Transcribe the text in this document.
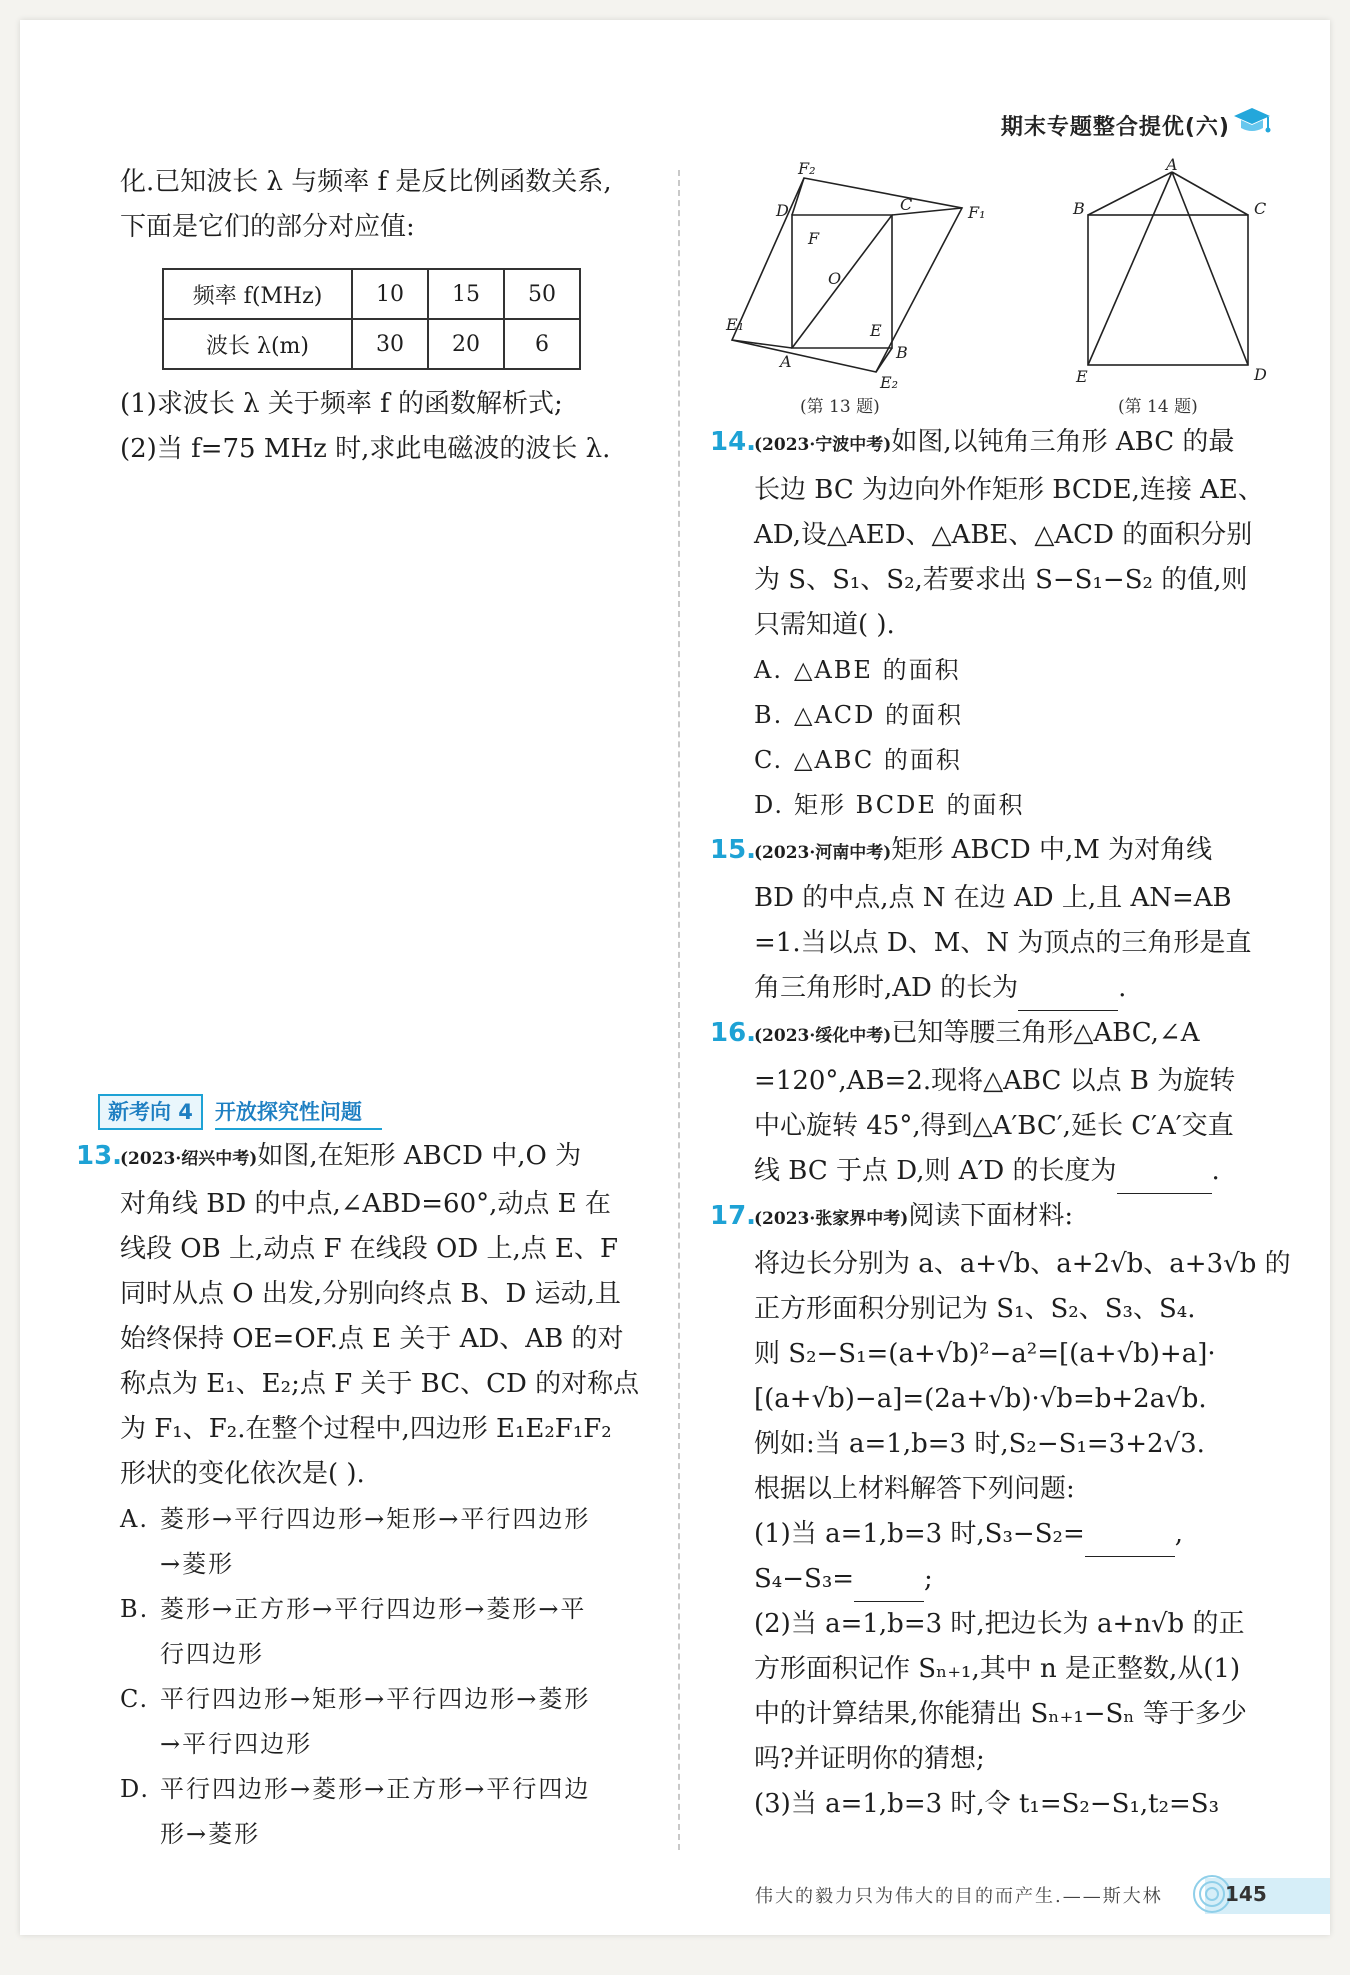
期末专题整合提优(六)

化.已知波长 λ 与频率 f 是反比例函数关系,

下面是它们的部分对应值:

频率 f(MHz)	10	15	50
波长 λ(m)	30	20	6

(1)求波长 λ 关于频率 f 的函数解析式;

(2)当 f=75 MHz 时,求此电磁波的波长 λ.

新考向 4 开放探究性问题
13.

(2023·绍兴中考)如图,在矩形 ABCD 中,O 为

对角线 BD 的中点,∠ABD=60°,动点 E 在

线段 OB 上,动点 F 在线段 OD 上,点 E、F

同时从点 O 出发,分别向终点 B、D 运动,且

始终保持 OE=OF.点 E 关于 AD、AB 的对

称点为 E₁、E₂;点 F 关于 BC、CD 的对称点

为 F₁、F₂.在整个过程中,四边形 E₁E₂F₁F₂

形状的变化依次是( ).

A. 菱形→平行四边形→矩形→平行四边形

→菱形

B. 菱形→正方形→平行四边形→菱形→平

行四边形

C. 平行四边形→矩形→平行四边形→菱形

→平行四边形

D. 平行四边形→菱形→正方形→平行四边

形→菱形

F₂
D	C	F₁
F
O
E₁	E
A	B
E₂
A
B	C
E	D
(第 13 题)	(第 14 题)
14.

(2023·宁波中考)如图,以钝角三角形 ABC 的最

长边 BC 为边向外作矩形 BCDE,连接 AE、

AD,设△AED、△ABE、△ACD 的面积分别

为 S、S₁、S₂,若要求出 S−S₁−S₂ 的值,则

只需知道( ).

A. △ABE 的面积

B. △ACD 的面积

C. △ABC 的面积

D. 矩形 BCDE 的面积

15.

(2023·河南中考)矩形 ABCD 中,M 为对角线

BD 的中点,点 N 在边 AD 上,且 AN=AB

=1.当以点 D、M、N 为顶点的三角形是直

角三角形时,AD 的长为	.

16.

(2023·绥化中考)已知等腰三角形△ABC,∠A

=120°,AB=2.现将△ABC 以点 B 为旋转

中心旋转 45°,得到△A′BC′,延长 C′A′交直

线 BC 于点 D,则 A′D 的长度为	.

17.

(2023·张家界中考)阅读下面材料:

将边长分别为 a、a+√b、a+2√b、a+3√b 的

正方形面积分别记为 S₁、S₂、S₃、S₄.

则 S₂−S₁=(a+√b)²−a²=[(a+√b)+a]·

[(a+√b)−a]=(2a+√b)·√b=b+2a√b.

例如:当 a=1,b=3 时,S₂−S₁=3+2√3.

根据以上材料解答下列问题:

(1)当 a=1,b=3 时,S₃−S₂=	,

S₄−S₃=	;

(2)当 a=1,b=3 时,把边长为 a+n√b 的正

方形面积记作 Sₙ₊₁,其中 n 是正整数,从(1)

中的计算结果,你能猜出 Sₙ₊₁−Sₙ 等于多少

吗?并证明你的猜想;

(3)当 a=1,b=3 时,令 t₁=S₂−S₁,t₂=S₃

伟大的毅力只为伟大的目的而产生.——斯大林	145
